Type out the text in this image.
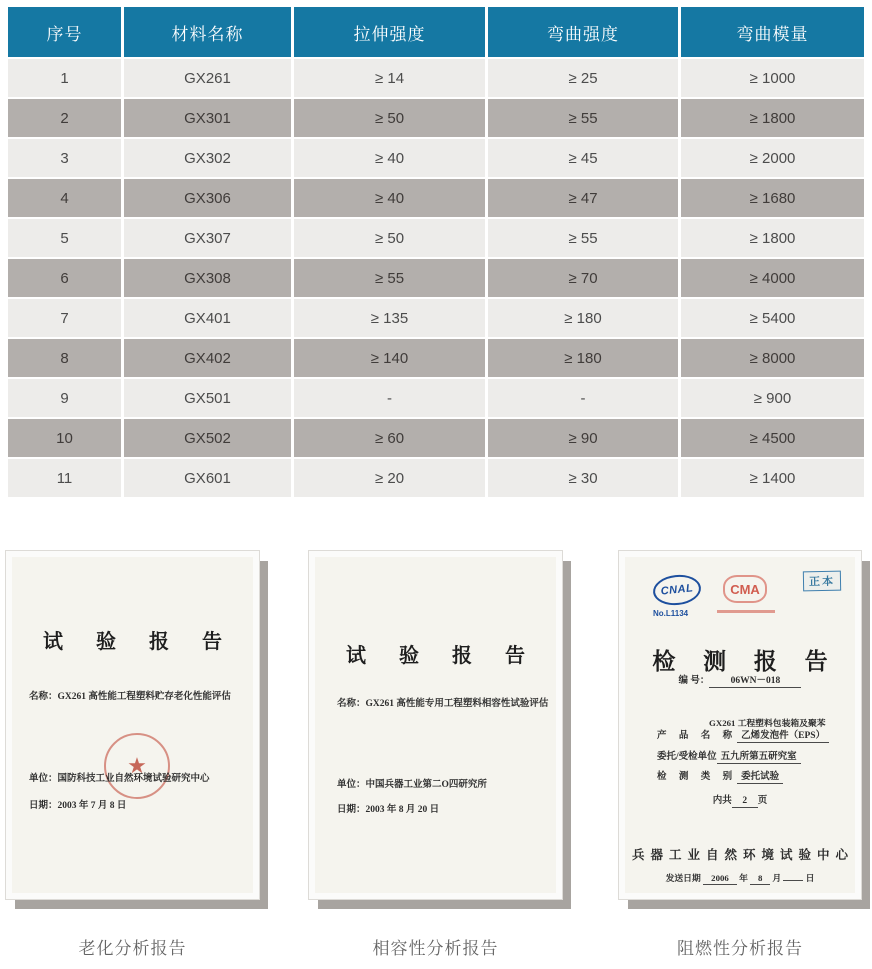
序号	材料名称	拉伸强度	弯曲强度	弯曲模量
1	GX261	≥ 14	≥ 25	≥ 1000
2	GX301	≥ 50	≥ 55	≥ 1800
3	GX302	≥ 40	≥ 45	≥ 2000
4	GX306	≥ 40	≥ 47	≥ 1680
5	GX307	≥ 50	≥ 55	≥ 1800
6	GX308	≥ 55	≥ 70	≥ 4000
7	GX401	≥ 135	≥ 180	≥ 5400
8	GX402	≥ 140	≥ 180	≥ 8000
9	GX501	-	-	≥ 900
10	GX502	≥ 60	≥ 90	≥ 4500
11	GX601	≥ 20	≥ 30	≥ 1400
试 验 报 告
名称：GX261 高性能工程塑料贮存老化性能评估
★
单位：国防科技工业自然环境试验研究中心
日期：2003 年 7 月 8 日
老化分析报告
试 验 报 告
名称：GX261 高性能专用工程塑料相容性试验评估
单位：中国兵器工业第二O四研究所
日期：2003 年 8 月 20 日
相容性分析报告
CNAL
No.L1134
CMA	正本
检 测 报 告
编 号： 06WN－018
GX261 工程塑料包装箱及聚苯
产 品 名 称 乙烯发泡件（EPS）
委托/受检单位 五九所第五研究室
检 测 类 别 委托试验
内共 2 页
兵器工业自然环境试验中心
发送日期 2006 年 8 月	日
阻燃性分析报告
